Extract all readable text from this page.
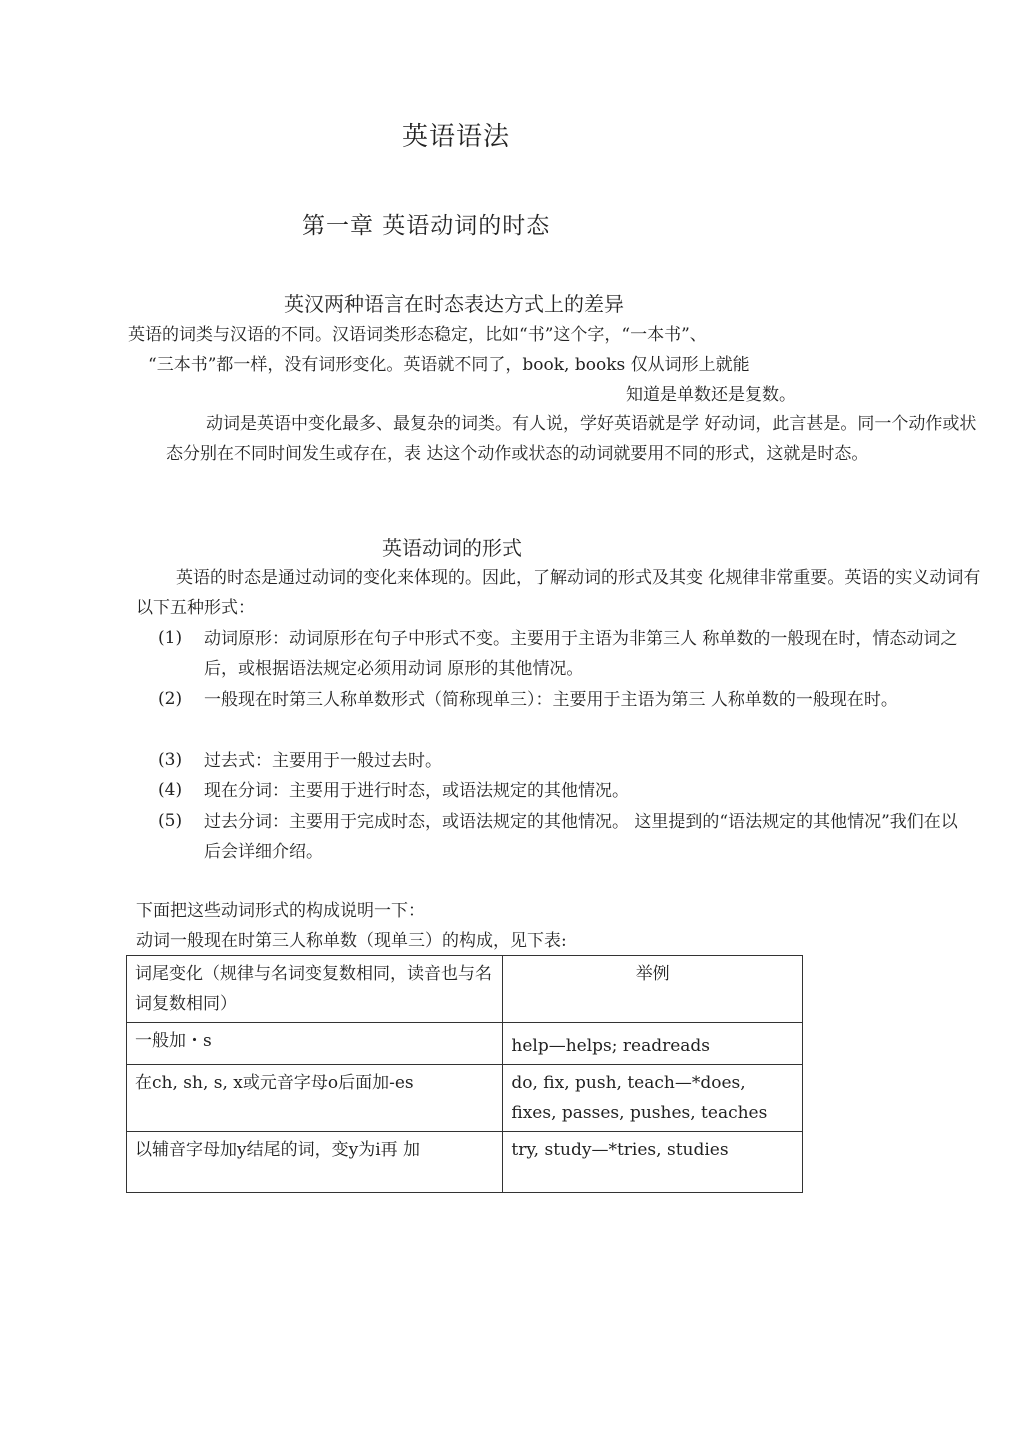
英语语法
第一章 英语动词的时态
英汉两种语言在时态表达方式上的差异
英语的词类与汉语的不同。汉语词类形态稳定，比如“书”这个字，“一本书”、
“三本书”都一样，没有词形变化。英语就不同了，book, books 仅从词形上就能
知道是单数还是复数。
动词是英语中变化最多、最复杂的词类。有人说，学好英语就是学 好动词，此言甚是。同一个动作或状态分别在不同时间发生或存在，表 达这个动作或状态的动词就要用不同的形式，这就是时态。
英语动词的形式
英语的时态是通过动词的变化来体现的。因此，了解动词的形式及其变 化规律非常重要。英语的实义动词有以下五种形式：
(1) 动词原形：动词原形在句子中形式不变。主要用于主语为非第三人 称单数的一般现在时，情态动词之后，或根据语法规定必须用动词 原形的其他情况。
(2) 一般现在时第三人称单数形式（简称现单三）：主要用于主语为第三 人称单数的一般现在时。
(3) 过去式：主要用于一般过去时。
(4) 现在分词：主要用于进行时态，或语法规定的其他情况。
(5) 过去分词：主要用于完成时态，或语法规定的其他情况。 这里提到的“语法规定的其他情况”我们在以后会详细介绍。
下面把这些动词形式的构成说明一下：
动词一般现在时第三人称单数（现单三）的构成，见下表:
词尾变化（规律与名词变复数相同，读音也与名词复数相同）	举例
一般加・s	help—helps; readreads
在ch, sh, s, x或元音字母o后面加-es	do, fix, push, teach—*does, fixes, passes, pushes, teaches
以辅音字母加y结尾的词，变y为i再 加	try, study—*tries, studies
